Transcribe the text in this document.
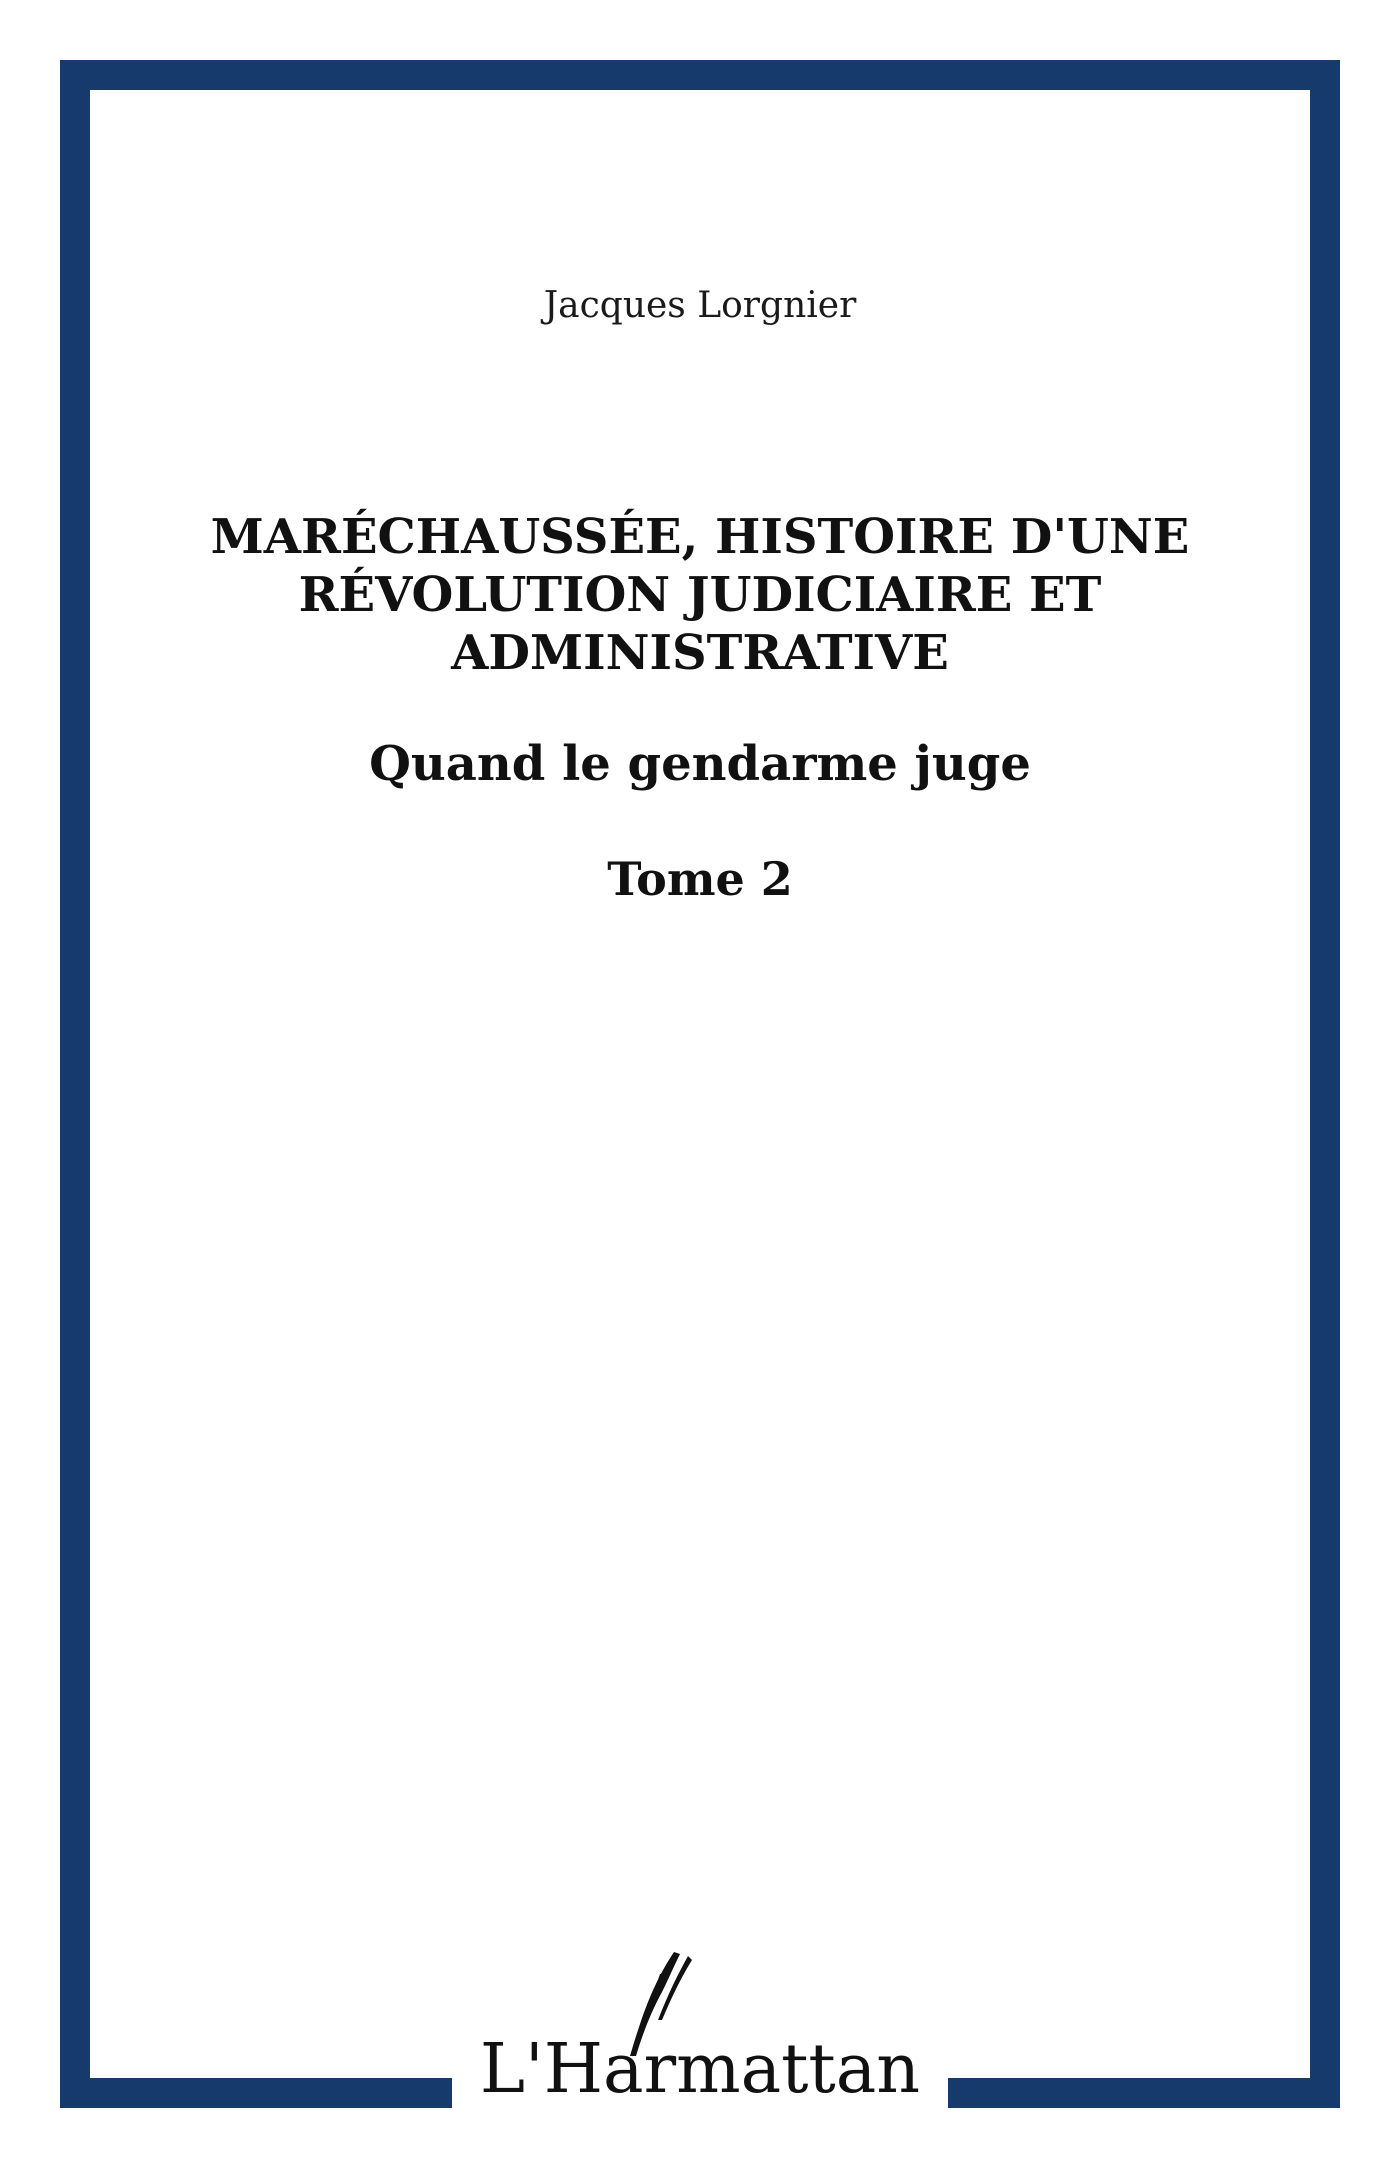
Jacques Lorgnier
MARÉCHAUSSÉE, HISTOIRE D'UNE
RÉVOLUTION JUDICIAIRE ET
ADMINISTRATIVE
Quand le gendarme juge
Tome 2
L'Harmattan
